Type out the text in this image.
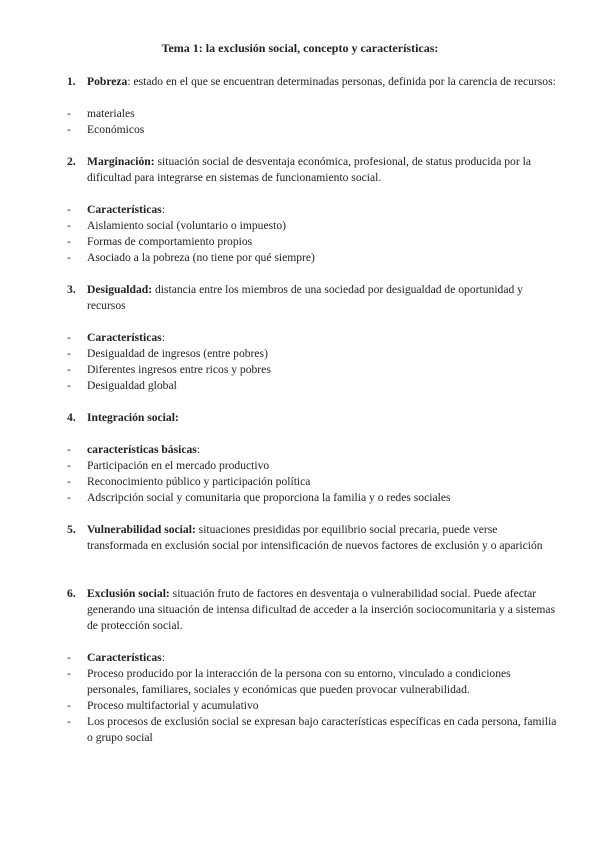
Tema 1: la exclusión social, concepto y características:
1. Pobreza: estado en el que se encuentran determinadas personas, definida por la carencia de recursos:
- materiales
- Económicos
2. Marginación: situación social de desventaja económica, profesional, de status producida por la dificultad para integrarse en sistemas de funcionamiento social.
- Características:
- Aislamiento social (voluntario o impuesto)
- Formas de comportamiento propios
- Asociado a la pobreza (no tiene por qué siempre)
3. Desigualdad: distancia entre los miembros de una sociedad por desigualdad de oportunidad y recursos
- Características:
- Desigualdad de ingresos (entre pobres)
- Diferentes ingresos entre ricos y pobres
- Desigualdad global
4. Integración social:
- características básicas:
- Participación en el mercado productivo
- Reconocimiento público y participación política
- Adscripción social y comunitaria que proporciona la familia y o redes sociales
5. Vulnerabilidad social: situaciones presididas por equilibrio social precaria, puede verse transformada en exclusión social por intensificación de nuevos factores de exclusión y o aparición
6. Exclusión social: situación fruto de factores en desventaja o vulnerabilidad social. Puede afectar generando una situación de intensa dificultad de acceder a la inserción sociocomunitaria y a sistemas de protección social.
- Características:
- Proceso producido por la interacción de la persona con su entorno, vinculado a condiciones personales, familiares, sociales y económicas que pueden provocar vulnerabilidad.
- Proceso multifactorial y acumulativo
- Los procesos de exclusión social se expresan bajo características específicas en cada persona, familia o grupo social
